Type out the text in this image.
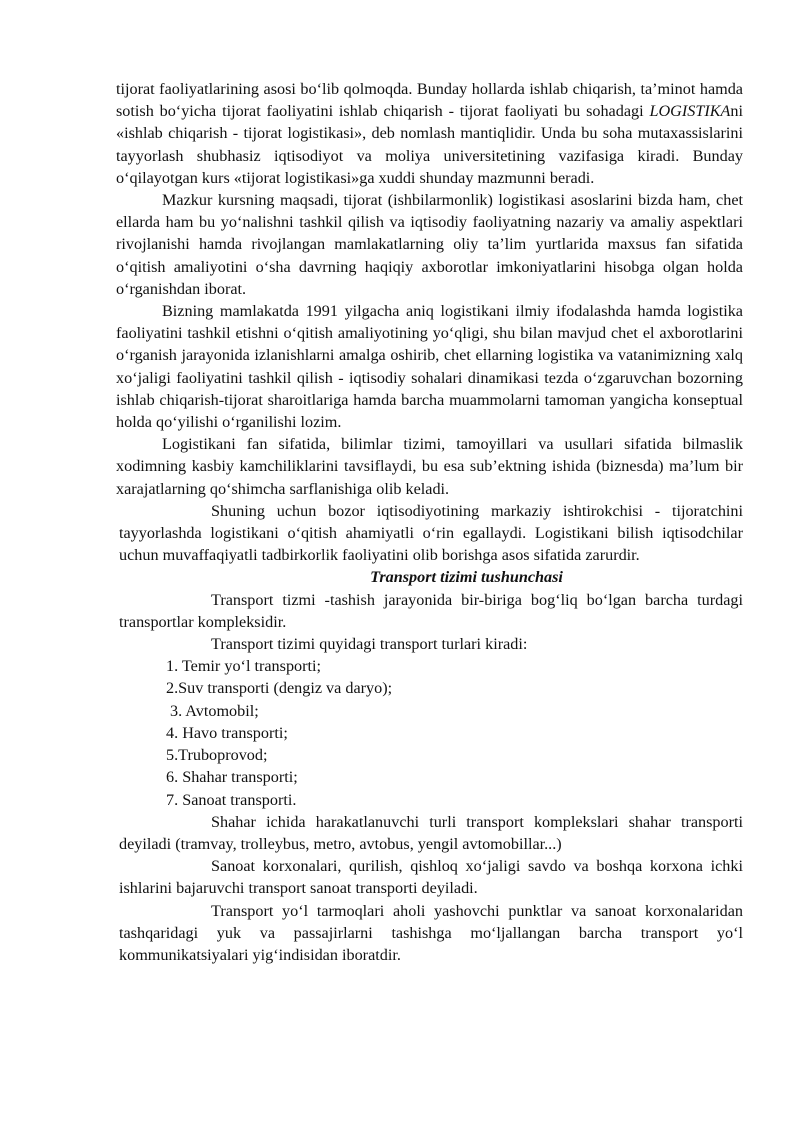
tijorat faoliyatlarining asosi bo‘lib qolmoqda. Bunday hollarda ishlab chiqarish, ta’minot hamda sotish bo‘yicha tijorat faoliyatini ishlab chiqarish - tijorat faoliyati bu sohadagi LOGISTIKAni «ishlab chiqarish - tijorat logistikasi», deb nomlash mantiqlidir. Unda bu soha mutaxassislarini tayyorlash shubhasiz iqtisodiyot va moliya universitetining vazifasiga kiradi. Bunday o‘qilayotgan kurs «tijorat logistikasi»ga xuddi shunday mazmunni beradi.

Mazkur kursning maqsadi, tijorat (ishbilarmonlik) logistikasi asoslarini bizda ham, chet ellarda ham bu yo‘nalishni tashkil qilish va iqtisodiy faoliyatning nazariy va amaliy aspektlari rivojlanishi hamda rivojlangan mamlakatlarning oliy ta’lim yurtlarida maxsus fan sifatida o‘qitish amaliyotini o‘sha davrning haqiqiy axborotlar imkoniyatlarini hisobga olgan holda o‘rganishdan iborat.

Bizning mamlakatda 1991 yilgacha aniq logistikani ilmiy ifodalashda hamda logistika faoliyatini tashkil etishni o‘qitish amaliyotining yo‘qligi, shu bilan mavjud chet el axborotlarini o‘rganish jarayonida izlanishlarni amalga oshirib, chet ellarning logistika va vatanimizning xalq xo‘jaligi faoliyatini tashkil qilish - iqtisodiy sohalari dinamikasi tezda o‘zgaruvchan bozorning ishlab chiqarish-tijorat sharoitlariga hamda barcha muammolarni tamoman yangicha konseptual holda qo‘yilishi o‘rganilishi lozim.

Logistikani fan sifatida, bilimlar tizimi, tamoyillari va usullari sifatida bilmaslik xodimning kasbiy kamchiliklarini tavsiflaydi, bu esa sub’ektning ishida (biznesda) ma’lum bir xarajatlarning qo‘shimcha sarflanishiga olib keladi.

Shuning uchun bozor iqtisodiyotining markaziy ishtirokchisi - tijoratchini tayyorlashda logistikani o‘qitish ahamiyatli o‘rin egallaydi. Logistikani bilish iqtisodchilar uchun muvaffaqiyatli tadbirkorlik faoliyatini olib borishga asos sifatida zarurdir.

Transport tizimi tushunchasi

Transport tizmi -tashish jarayonida bir-biriga bog‘liq bo‘lgan barcha turdagi transportlar kompleksidir.

Transport tizimi quyidagi transport turlari kiradi:

1. Temir yo‘l transporti;
2.Suv transporti (dengiz va daryo);
3. Avtomobil;
4. Havo transporti;
5.Truboprovod;
6. Shahar transporti;
7. Sanoat transporti.

Shahar ichida harakatlanuvchi turli transport komplekslari shahar transporti deyiladi (tramvay, trolleybus, metro, avtobus, yengil avtomobillar...)

Sanoat korxonalari, qurilish, qishloq xo‘jaligi savdo va boshqa korxona ichki ishlarini bajaruvchi transport sanoat transporti deyiladi.

Transport yo‘l tarmoqlari aholi yashovchi punktlar va sanoat korxonalaridan tashqaridagi yuk va passajirlarni tashishga mo‘ljallangan barcha transport yo‘l kommunikatsiyalari yig‘indisidan iboratdir.
